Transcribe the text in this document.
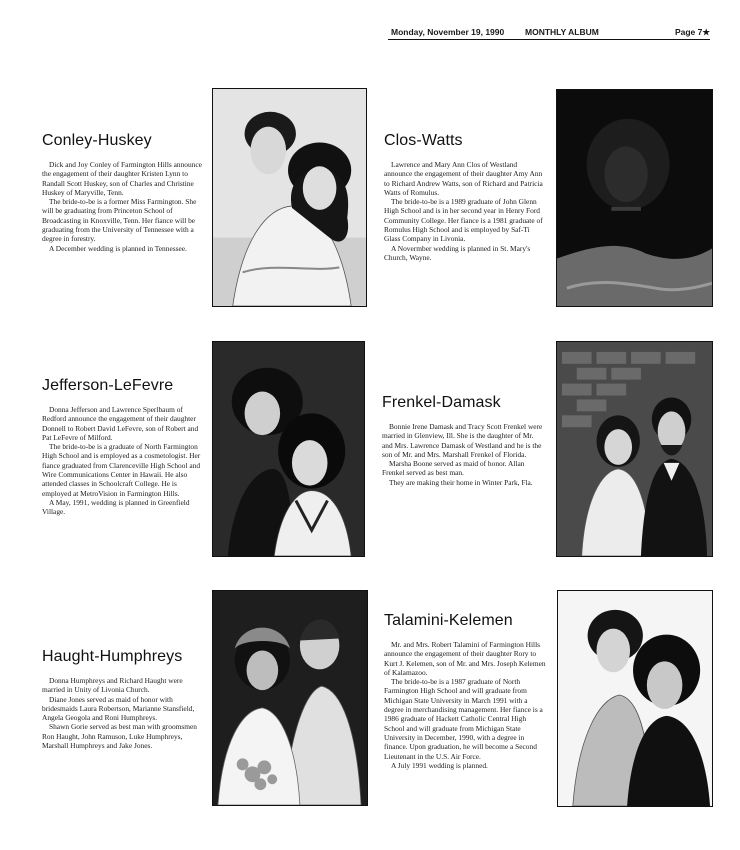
Monday, November 19, 1990 MONTHLY ALBUM	Page 7★
Conley-Huskey

Dick and Joy Conley of Farmington Hills announce the engagement of their daughter Kristen Lynn to Randall Scott Huskey, son of Charles and Christine Huskey of Maryville, Tenn.

The bride-to-be is a former Miss Farmington. She will be graduating from Princeton School of Broadcasting in Knoxville, Tenn. Her fiance will be graduating from the University of Tennessee with a degree in forestry.

A December wedding is planned in Tennessee.

Clos-Watts

Lawrence and Mary Ann Clos of Westland announce the engagement of their daughter Amy Ann to Richard Andrew Watts, son of Richard and Patricia Watts of Romulus.

The bride-to-be is a 1989 graduate of John Glenn High School and is in her second year in Henry Ford Community College. Her fiance is a 1981 graduate of Romulus High School and is employed by Saf-Ti Glass Company in Livonia.

A Novermber wedding is planned in St. Mary's Church, Wayne.

Jefferson-LeFevre

Donna Jefferson and Lawrence Sperlbaum of Redford announce the engagement of their daughter Donnell to Robert David LeFevre, son of Robert and Pat LeFevre of Milford.

The bride-to-be is a graduate of North Farmington High School and is employed as a cosmetologist. Her fiance graduated from Clarenceville High School and Wire Communications Center in Hawaii. He also attended classes in Schoolcraft College. He is employed at MetroVision in Farmington Hills.

A May, 1991, wedding is planned in Greenfield Village.

Frenkel-Damask

Bonnie Irene Damask and Tracy Scott Frenkel were married in Glenview, Ill. She is the daughter of Mr. and Mrs. Lawrence Damask of Westland and he is the son of Mr. and Mrs. Marshall Frenkel of Florida.

Marsha Boone served as maid of honor. Allan Frenkel served as best man.

They are making their home in Winter Park, Fla.

Haught-Humphreys

Donna Humphreys and Richard Haught were married in Unity of Livonia Church.

Diane Jones served as maid of honor with bridesmaids Laura Robertson, Marianne Stansfield, Angela Geogola and Roni Humphreys.

Shawn Gorie served as best man with groomsmen Ron Haught, John Ramuson, Luke Humphreys, Marshall Humphreys and Jake Jones.

Talamini-Kelemen

Mr. and Mrs. Robert Talamini of Farmington Hills announce the engagement of their daughter Rory to Kurt J. Kelemen, son of Mr. and Mrs. Joseph Kelemen of Kalamazoo.

The bride-to-be is a 1987 graduate of North Farmington High School and will graduate from Michigan State University in March 1991 with a degree in merchandising management. Her fiance is a 1986 graduate of Hackett Catholic Central High School and will graduate from Michigan State University in December, 1990, with a degree in finance. Upon graduation, he will become a Second Lieutenant in the U.S. Air Force.

A July 1991 wedding is planned.
